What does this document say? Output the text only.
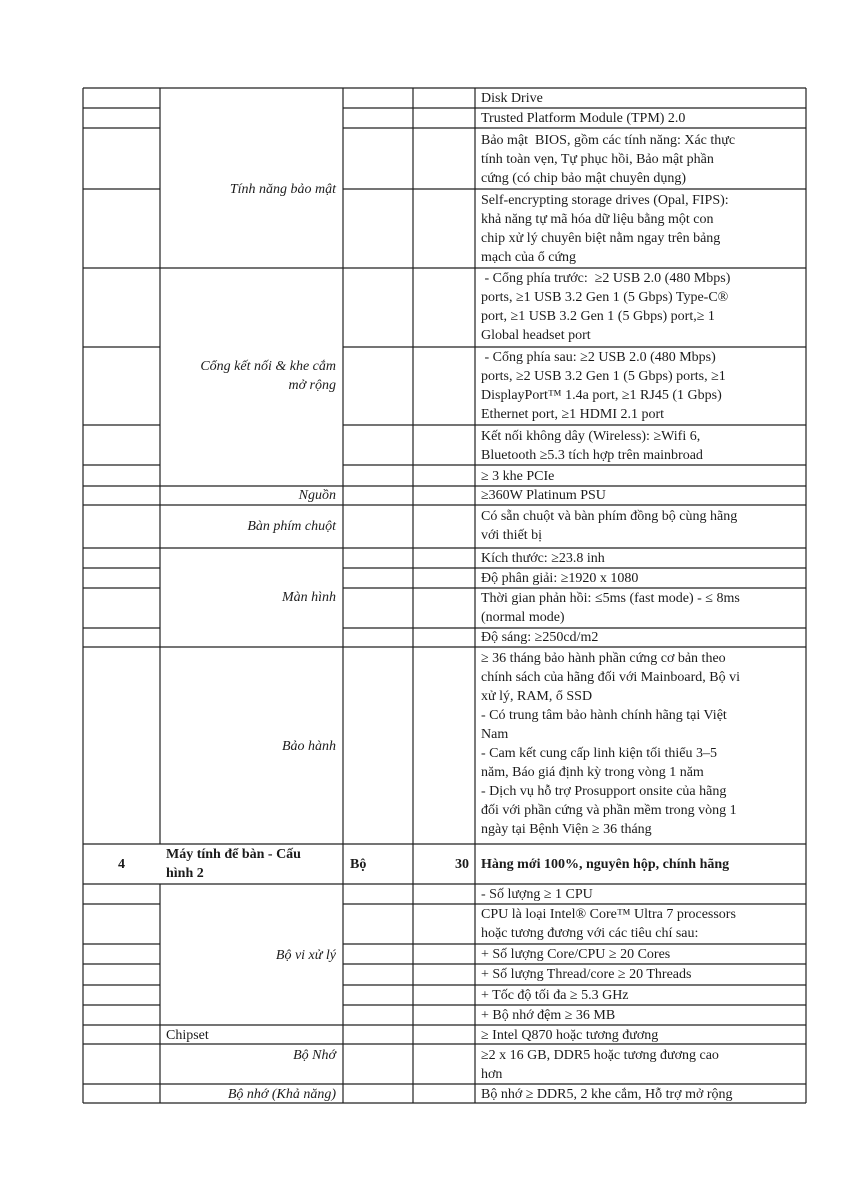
Disk Drive
Trusted Platform Module (TPM) 2.0
Bảo mật  BIOS, gồm các tính năng: Xác thực
tính toàn vẹn, Tự phục hồi, Bảo mật phần
cứng (có chip bảo mật chuyên dụng)
Self-encrypting storage drives (Opal, FIPS):
khả năng tự mã hóa dữ liệu bằng một con
chip xử lý chuyên biệt nằm ngay trên bảng
mạch của ổ cứng
- Cổng phía trước:  ≥2 USB 2.0 (480 Mbps)
ports, ≥1 USB 3.2 Gen 1 (5 Gbps) Type-C®
port, ≥1 USB 3.2 Gen 1 (5 Gbps) port,≥ 1
Global headset port
- Cổng phía sau: ≥2 USB 2.0 (480 Mbps)
ports, ≥2 USB 3.2 Gen 1 (5 Gbps) ports, ≥1
DisplayPort™ 1.4a port, ≥1 RJ45 (1 Gbps)
Ethernet port, ≥1 HDMI 2.1 port
Kết nối không dây (Wireless): ≥Wifi 6,
Bluetooth ≥5.3 tích hợp trên mainbroad
≥ 3 khe PCIe
≥360W Platinum PSU
Có sẵn chuột và bàn phím đồng bộ cùng hãng
với thiết bị
Kích thước: ≥23.8 inh
Độ phân giải: ≥1920 x 1080
Thời gian phản hồi: ≤5ms (fast mode) - ≤ 8ms
(normal mode)
Độ sáng: ≥250cd/m2
≥ 36 tháng bảo hành phần cứng cơ bản theo
chính sách của hãng đối với Mainboard, Bộ vi
xử lý, RAM, ổ SSD
- Có trung tâm bảo hành chính hãng tại Việt
Nam
- Cam kết cung cấp linh kiện tối thiểu 3–5
năm, Báo giá định kỳ trong vòng 1 năm
- Dịch vụ hỗ trợ Prosupport onsite của hãng
đối với phần cứng và phần mềm trong vòng 1
ngày tại Bệnh Viện ≥ 36 tháng
Tính năng bảo mật
Cổng kết nối & khe cắm
mở rộng
Nguồn
Bàn phím chuột
Màn hình
Bảo hành
4
Máy tính để bàn - Cấu
hình 2
Bộ	30 Hàng mới 100%, nguyên hộp, chính hãng
- Số lượng ≥ 1 CPU
CPU là loại Intel® Core™ Ultra 7 processors
hoặc tương đương với các tiêu chí sau:
+ Số lượng Core/CPU ≥ 20 Cores
+ Số lượng Thread/core ≥ 20 Threads
+ Tốc độ tối đa ≥ 5.3 GHz
+ Bộ nhớ đệm ≥ 36 MB
≥ Intel Q870 hoặc tương đương
≥2 x 16 GB, DDR5 hoặc tương đương cao
hơn
Bộ nhớ ≥ DDR5, 2 khe cắm, Hỗ trợ mở rộng
Bộ vi xử lý
Chipset
Bộ Nhớ
Bộ nhớ (Khả năng)
